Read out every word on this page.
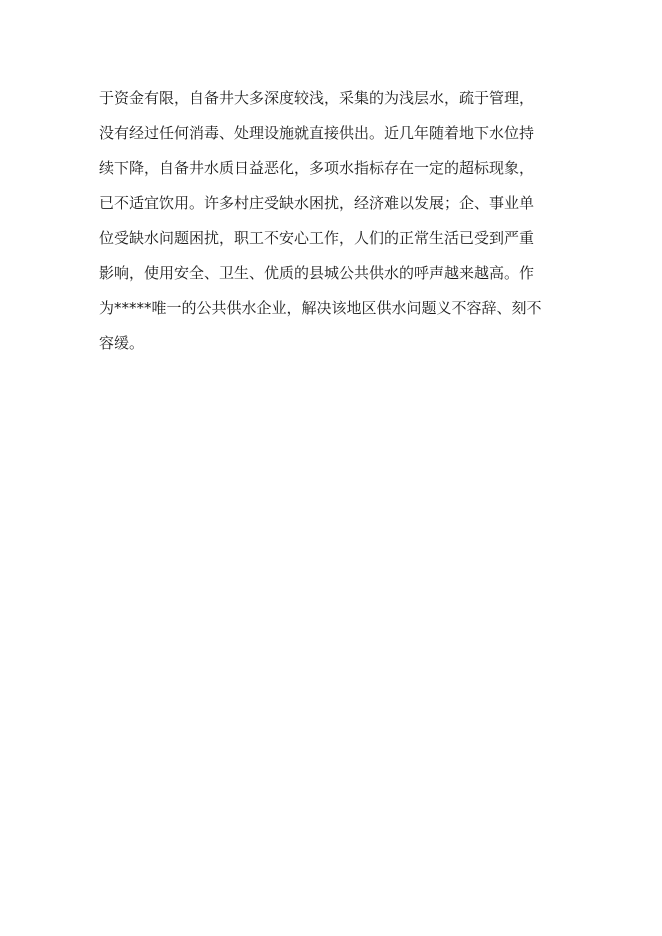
于资金有限，自备井大多深度较浅，采集的为浅层水，疏于管理，
没有经过任何消毒、处理设施就直接供出。近几年随着地下水位持
续下降，自备井水质日益恶化，多项水指标存在一定的超标现象，
已不适宜饮用。许多村庄受缺水困扰，经济难以发展；企、事业单
位受缺水问题困扰，职工不安心工作，人们的正常生活已受到严重
影响，使用安全、卫生、优质的县城公共供水的呼声越来越高。作
为*****唯一的公共供水企业，解决该地区供水问题义不容辞、刻不
容缓。
